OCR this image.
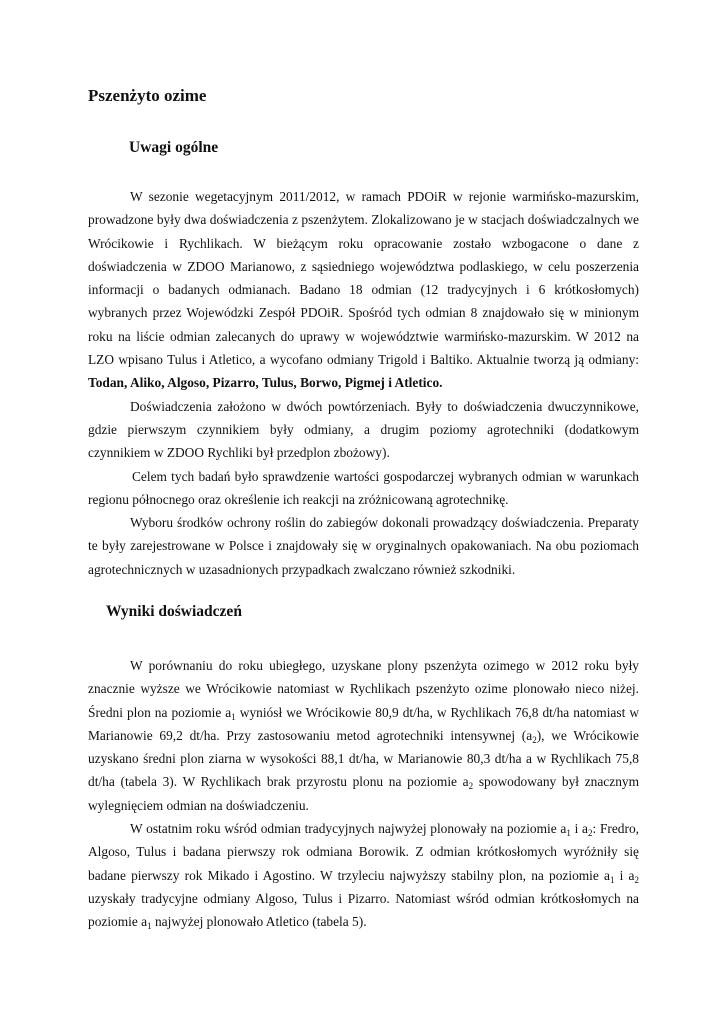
Pszenżyto ozime
Uwagi ogólne

W sezonie wegetacyjnym 2011/2012, w ramach PDOiR w rejonie warmińsko-mazurskim, prowadzone były dwa doświadczenia z pszenżytem. Zlokalizowano je w stacjach doświadczalnych we Wrócikowie i Rychlikach. W bieżącym roku opracowanie zostało wzbogacone o dane z doświadczenia w ZDOO Marianowo, z sąsiedniego województwa podlaskiego, w celu poszerzenia informacji o badanych odmianach. Badano 18 odmian (12 tradycyjnych i 6 krótkosłomych) wybranych przez Wojewódzki Zespół PDOiR. Spośród tych odmian 8 znajdowało się w minionym roku na liście odmian zalecanych do uprawy w województwie warmińsko-mazurskim. W 2012 na LZO wpisano Tulus i Atletico, a wycofano odmiany Trigold i Baltiko. Aktualnie tworzą ją odmiany: Todan, Aliko, Algoso, Pizarro, Tulus, Borwo, Pigmej i Atletico.

Doświadczenia założono w dwóch powtórzeniach. Były to doświadczenia dwuczynnikowe, gdzie pierwszym czynnikiem były odmiany, a drugim poziomy agrotechniki (dodatkowym czynnikiem w ZDOO Rychliki był przedplon zbożowy).

Celem tych badań było sprawdzenie wartości gospodarczej wybranych odmian w warunkach regionu północnego oraz określenie ich reakcji na zróżnicowaną agrotechnikę.

Wyboru środków ochrony roślin do zabiegów dokonali prowadzący doświadczenia. Preparaty te były zarejestrowane w Polsce i znajdowały się w oryginalnych opakowaniach. Na obu poziomach agrotechnicznych w uzasadnionych przypadkach zwalczano również szkodniki.

Wyniki doświadczeń

W porównaniu do roku ubiegłego, uzyskane plony pszenżyta ozimego w 2012 roku były znacznie wyższe we Wrócikowie natomiast w Rychlikach pszenżyto ozime plonowało nieco niżej. Średni plon na poziomie $a_1$ wyniósł we Wrócikowie 80,9 dt/ha, w Rychlikach 76,8 dt/ha natomiast w Marianowie 69,2 dt/ha. Przy zastosowaniu metod agrotechniki intensywnej $(a_2)$, we Wrócikowie uzyskano średni plon ziarna w wysokości 88,1 dt/ha, w Marianowie 80,3 dt/ha a w Rychlikach 75,8 dt/ha (tabela 3). W Rychlikach brak przyrostu plonu na poziomie $a_2$ spowodowany był znacznym wylegnięciem odmian na doświadczeniu.

W ostatnim roku wśród odmian tradycyjnych najwyżej plonowały na poziomie $a_1$ i $a_2$: Fredro, Algoso, Tulus i badana pierwszy rok odmiana Borowik. Z odmian krótkosłomych wyróżniły się badane pierwszy rok Mikado i Agostino. W trzyleciu najwyższy stabilny plon, na poziomie $a_1$ i $a_2$ uzyskały tradycyjne odmiany Algoso, Tulus i Pizarro. Natomiast wśród odmian krótkosłomych na poziomie $a_1$ najwyżej plonowało Atletico (tabela 5).
